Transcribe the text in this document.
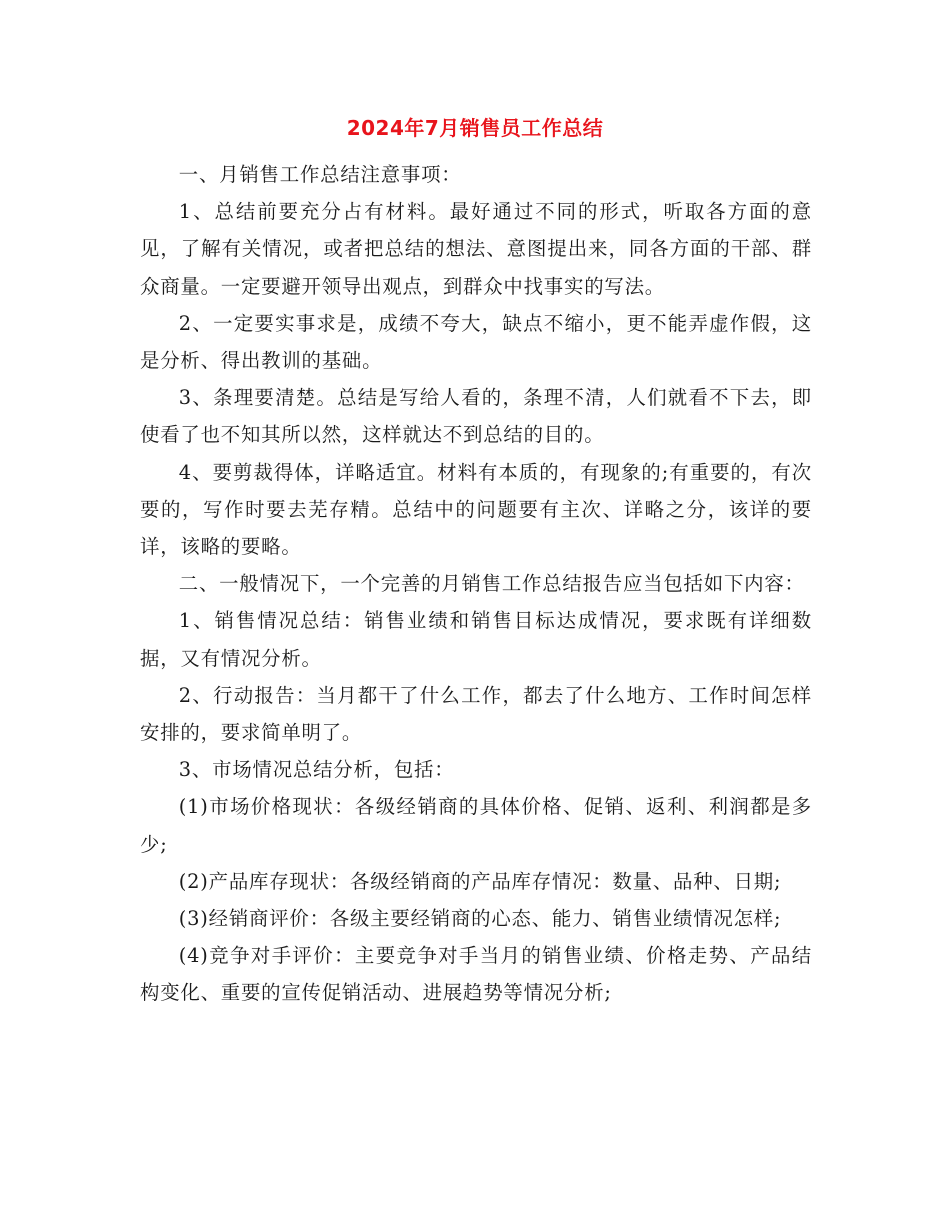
2024年7月销售员工作总结

一、月销售工作总结注意事项：

1、总结前要充分占有材料。最好通过不同的形式，听取各方面的意见，了解有关情况，或者把总结的想法、意图提出来，同各方面的干部、群众商量。一定要避开领导出观点，到群众中找事实的写法。

2、一定要实事求是，成绩不夸大，缺点不缩小，更不能弄虚作假，这是分析、得出教训的基础。

3、条理要清楚。总结是写给人看的，条理不清，人们就看不下去，即使看了也不知其所以然，这样就达不到总结的目的。

4、要剪裁得体，详略适宜。材料有本质的，有现象的;有重要的，有次要的，写作时要去芜存精。总结中的问题要有主次、详略之分，该详的要详，该略的要略。

二、一般情况下，一个完善的月销售工作总结报告应当包括如下内容：

1、销售情况总结：销售业绩和销售目标达成情况，要求既有详细数据，又有情况分析。

2、行动报告：当月都干了什么工作，都去了什么地方、工作时间怎样安排的，要求简单明了。

3、市场情况总结分析，包括：

(1)市场价格现状：各级经销商的具体价格、促销、返利、利润都是多少;

(2)产品库存现状：各级经销商的产品库存情况：数量、品种、日期;

(3)经销商评价：各级主要经销商的心态、能力、销售业绩情况怎样;

(4)竞争对手评价：主要竞争对手当月的销售业绩、价格走势、产品结构变化、重要的宣传促销活动、进展趋势等情况分析;
